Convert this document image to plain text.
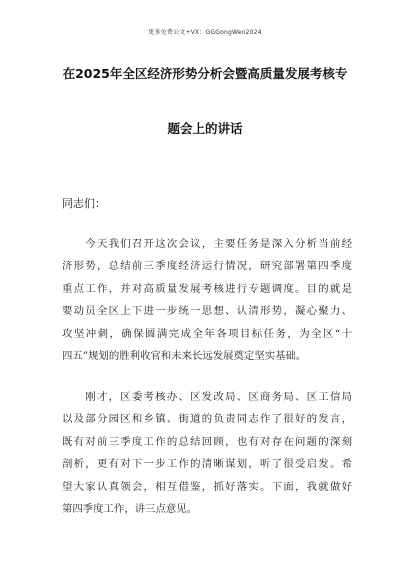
更多免费公文+VX：GGGongWen2024
在2025年全区经济形势分析会暨高质量发展考核专
题会上的讲话
同志们：
　　今天我们召开这次会议，主要任务是深入分析当前经
济形势，总结前三季度经济运行情况，研究部署第四季度
重点工作，并对高质量发展考核进行专题调度。目的就是
要动员全区上下进一步统一思想、认清形势，凝心聚力、
攻坚冲刺，确保圆满完成全年各项目标任务，为全区“十
四五”规划的胜利收官和未来长远发展奠定坚实基础。
　　刚才，区委考核办、区发改局、区商务局、区工信局
以及部分园区和乡镇、街道的负责同志作了很好的发言，
既有对前三季度工作的总结回顾，也有对存在问题的深刻
剖析，更有对下一步工作的清晰谋划，听了很受启发。希
望大家认真领会，相互借鉴，抓好落实。下面，我就做好
第四季度工作，讲三点意见。
